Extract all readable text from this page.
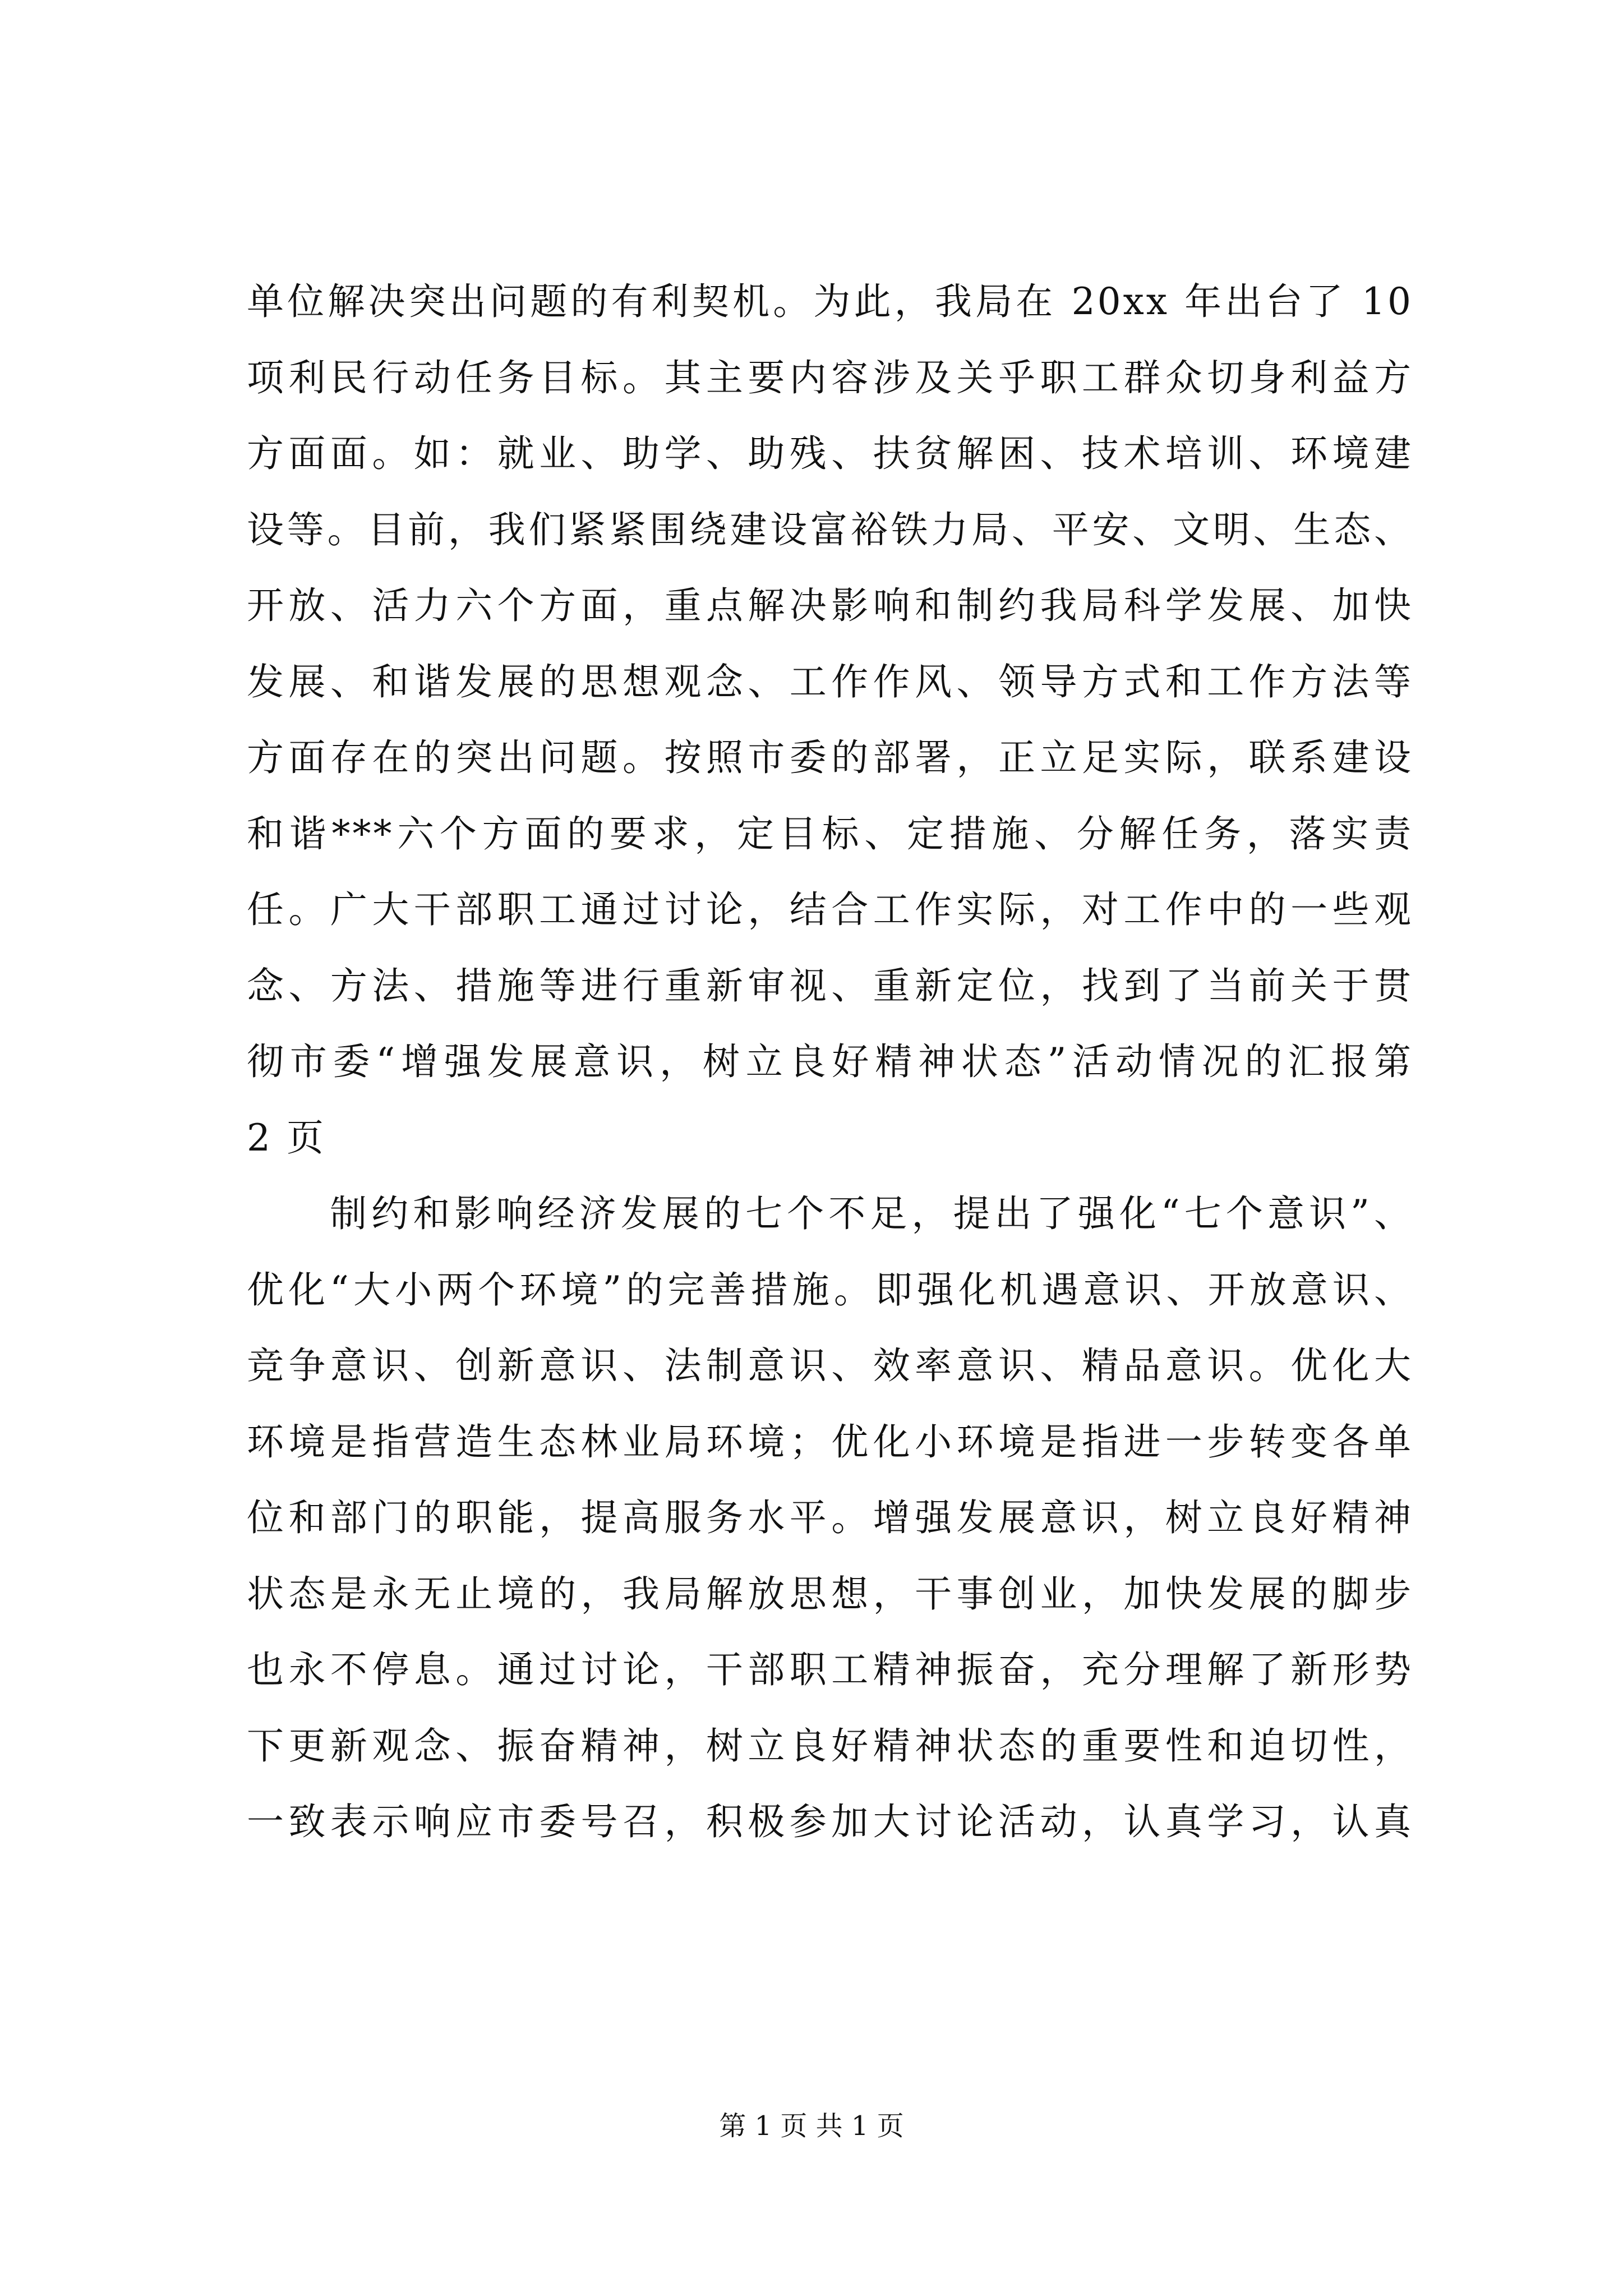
单位解决突出问题的有利契机。为此，我局在 20xx 年出台了 10
项利民行动任务目标。其主要内容涉及关乎职工群众切身利益方
方面面。如：就业、助学、助残、扶贫解困、技术培训、环境建
设等。目前，我们紧紧围绕建设富裕铁力局、平安、文明、生态、
开放、活力六个方面，重点解决影响和制约我局科学发展、加快
发展、和谐发展的思想观念、工作作风、领导方式和工作方法等
方面存在的突出问题。按照市委的部署，正立足实际，联系建设
和谐***六个方面的要求，定目标、定措施、分解任务，落实责
任。广大干部职工通过讨论，结合工作实际，对工作中的一些观
念、方法、措施等进行重新审视、重新定位，找到了当前关于贯
彻市委“增强发展意识，树立良好精神状态”活动情况的汇报第
2 页
　　制约和影响经济发展的七个不足，提出了强化“七个意识”、
优化“大小两个环境”的完善措施。即强化机遇意识、开放意识、
竞争意识、创新意识、法制意识、效率意识、精品意识。优化大
环境是指营造生态林业局环境；优化小环境是指进一步转变各单
位和部门的职能，提高服务水平。增强发展意识，树立良好精神
状态是永无止境的，我局解放思想，干事创业，加快发展的脚步
也永不停息。通过讨论，干部职工精神振奋，充分理解了新形势
下更新观念、振奋精神，树立良好精神状态的重要性和迫切性，
一致表示响应市委号召，积极参加大讨论活动，认真学习，认真
第 1 页 共 1 页
